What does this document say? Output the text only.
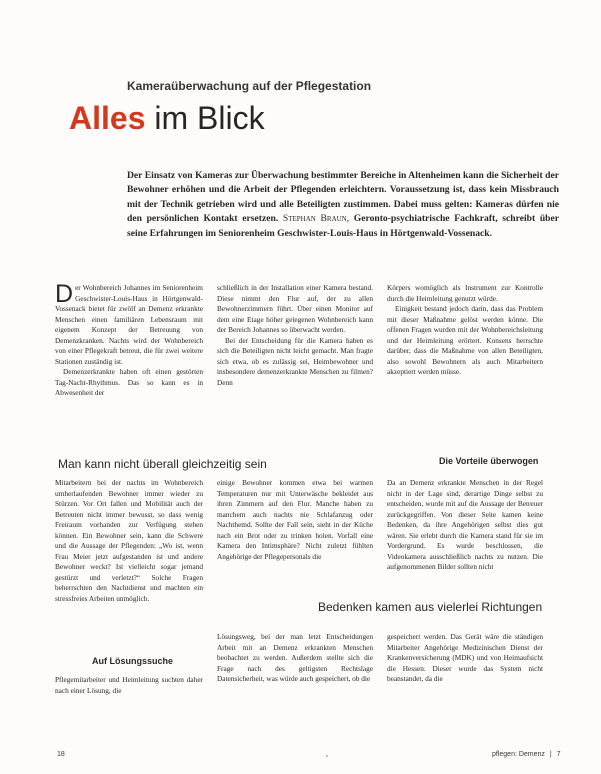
Kameraüberwachung auf der Pflegestation
Alles im Blick
Der Einsatz von Kameras zur Überwachung bestimmter Bereiche in Altenheimen kann die Sicherheit der Bewohner erhöhen und die Arbeit der Pflegenden erleichtern. Voraussetzung ist, dass kein Missbrauch mit der Technik getrieben wird und alle Beteiligten zustimmen. Dabei muss gelten: Kameras dürfen nie den persönlichen Kontakt ersetzen. Stephan Braun, Geronto-psychiatrische Fachkraft, schreibt über seine Erfahrungen im Seniorenheim Geschwister-Louis-Haus in Hörtgenwald-Vossenack.
Der Wohnbereich Johannes im Seniorenheim Geschwister-Louis-Haus in Hörtgenwald-Vossenack bietet für zwölf an Demenz erkrankte Menschen einen familiären Lebensraum mit eigenem Konzept der Betreuung von Demenzkranken. Nachts wird der Wohnbereich von einer Pflegekraft betreut, die für zwei weitere Stationen zuständig ist.
Demenzerkrankte haben oft einen gestörten Tag-Nacht-Rhythmus. Das so kann es in Abwesenheit der
schließlich in der Installation einer Kamera bestand. Diese nimmt den Flur auf, der zu allen Bewohnerzimmern führt. Über einen Monitor auf dem eine Etage höher gelegenen Wohnbereich kann der Bereich Johannes so überwacht werden.
Bei der Entscheidung für die Kamera haben es sich die Beteiligten nicht leicht gemacht. Man fragte sich etwa, ob es zulässig sei, Heimbewohner und insbesondere demenzerkrankte Menschen zu filmen? Denn
Körpers womöglich als Instrument zur Kontrolle durch die Heimleitung genutzt würde.
Einigkeit bestand jedoch darin, dass das Problem mit dieser Maßnahme gelöst werden könne. Die offenen Fragen wurden mit der Wohnbereichsleitung und der Heimleitung erörtert. Konsens herrschte darüber, dass die Maßnahme von allen Beteiligten, also sowohl Bewohnern als auch Mitarbeitern akzeptiert werden müsse.
Man kann nicht überall gleichzeitig sein	Die Vorteile überwogen
Mitarbeitern bei der nachts im Wohnbereich umherlaufenden Bewohner immer wieder zu Stürzen. Vor Ort fallen und Mobilität auch der Betreuten nicht immer bewusst, so dass wenig Freiraum vorhanden zur Verfügung stehen können. Ein Bewohner sein, kann die Schwere und die Aussage der Pflegenden: „Wo ist, wenn Frau Meier jetzt aufgestanden ist und andere Bewohner weckt? Ist vielleicht sogar jemand gestürzt und verletzt?“ Solche Fragen beherrschten den Nachtdienst und machten ein stressfreies Arbeiten unmöglich.
einige Bewohner kommen etwa bei warmen Temperaturen nur mit Unterwäsche bekleidet aus ihren Zimmern auf den Flur. Manche haben zu manchem auch nachts nie Schlafanzug oder Nachthemd. Sollte der Fall sein, sieht in der Küche nach ein Brot oder zu trinken holen. Vorfall eine Kamera den Intimsphäre? Nicht zuletzt fühlten Angehörige der Pflegepersonals die
Da an Demenz erkrankte Menschen in der Regel nicht in der Lage sind, derartige Dinge selbst zu entscheiden, wurde mit auf die Aussage der Betreuer zurückgegriffen. Von dieser Seite kamen keine Bedenken, da ihre Angehörigen selbst dies gut wären. Sie erlebt durch die Kamera stand für sie im Vordergrund. Es wurde beschlossen, die Videokamera ausschließlich nachts zu nutzen. Die aufgenommenen Bilder sollten nicht
Bedenken kamen aus vielerlei Richtungen
Auf Lösungssuche
Pflegemitarbeiter und Heimleitung suchten daher nach einer Lösung, die
Lösungsweg, bei der man letzt Entscheidungen Arbeit mit an Demenz erkrankten Menschen beobachtet zu werden. Außerdem stellte sich die Frage nach des geltigsten Rechtslage Datensicherheit, was würde auch gespeichert, ob die
gespeichert werden. Das Gerät wäre die ständigen Mitarbeiter Angehörige Medizinischen Dienst der Krankenversicherung (MDK) und von Heimaufsicht die Hessen. Dieser wurde das System nicht beanstandet, da die
18	pflegen: Demenz | 7
